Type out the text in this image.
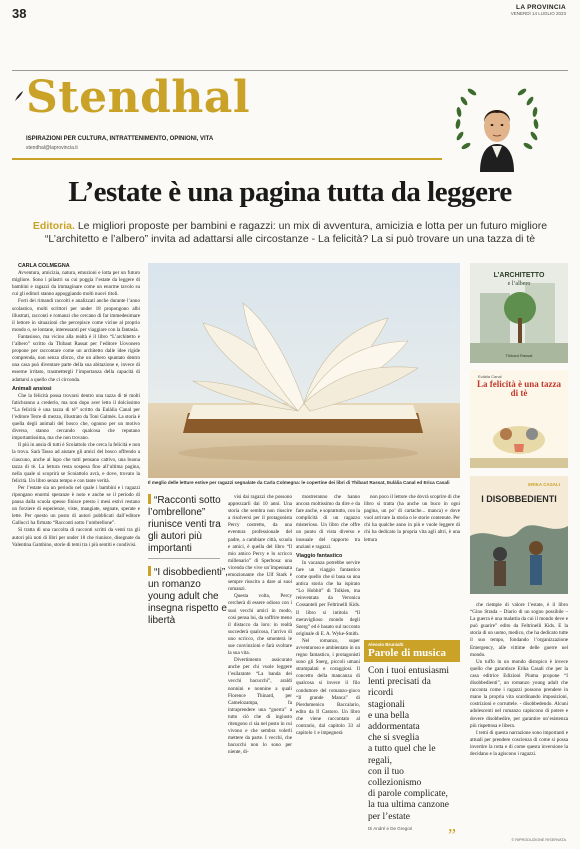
38	LA PROVINCIA
VENERDÌ 14 LUGLIO 2023
Stendhal
ISPIRAZIONI PER CULTURA, INTRATTENIMENTO, OPINIONI, VITA
stendhal@laprovincia.it
L’estate è una pagina tutta da leggere
Editoria. Le migliori proposte per bambini e ragazzi: un mix di avventura, amicizia e lotta per un futuro migliore “L’architetto e l’albero” invita ad adattarsi alle circostanze - La felicità? La si può trovare un una tazza di tè

CARLA COLMEGNA

Avventura, amicizia, natura, emozioni e lotta per un futuro migliore. Sono i pilastri su cui poggia l’estate da leggere di bambini e ragazzi da immaginare come un enorme tavolo su cui gli editori stanno appoggiando molti nuovi titoli.

Forti dei rimandi raccolti e analizzati anche durante l’anno scolastico, molti scrittori per under 18 propongono albi illustrati, racconti e romanzi che cercano di far immedesimare il lettore in situazioni che percepisce come vicine al proprio mondo o, se lontane, interessanti per viaggiare con la fantasia.

Fantasioso, ma vicino alla realtà è il libro “L’architetto e l’albero” scritto da Thibaut Rassat per l’editore Uovonero propone per raccontare come un architetto dalle idee rigide comprenda, non senza sforzo, che un albero spuntato dentro una casa può diventare parte della sua abitazione e, invece di esserne irritato, trasmettergli l’importanza della capacità di adattarsi a quello che ci circonda.

Animali ansiosi

Che la felicità possa trovarsi dentro una tazza di tè molti fatichranno a crederlo, ma non dopo aver letto il dolcissimo “La felicità è una tazza di tè” scritto da Eulàlia Canal per l’editore Terre di mezzo, illustrato da Toni Galmés. La storia è quella degli animali del bosco che, ognuno per un motivo diverso, stanno cercando qualcosa che reputano importantissima, ma che non trovano.

Il più in ansia di tutti è Scoiattolo che cerca la felicità e non la trova. Sarà Tasso ad aiutare gli amici del bosco offrendo a ciascuno, anche al lupo che tutti pensano cattivo, una buona tazza di tè. La lettura resta sospesa fino all’ultima pagina, nella quale si scoprirà se Scoiattolo avrà, e dove, trovato la felicità. Un libro senza tempo e con tante verità.

Per l’estate sia un periodo nel quale i bambini e i ragazzi ripongano enormi speranze è noto e anche se il periodo di pausa dalla scuola spesso finisce presto i mesi estivi restano un forziere di esperienze, viste, mangiate, segnate, sperate e lette. Per questo un posto di autori pubblicati dall’editore Gallucci ha firmato “Racconti sotto l’ombrellone”.

Si tratta di una raccolta di racconti scritti da venti tra gli autori più noti di libri per under 18 che riunisce, disegnate da Valentina Gambino, storie di temi tra i più sentiti e condivisi.

Il meglio delle letture estive per ragazzi segnalate da Carla Colmegna: le copertine dei libri di Thibaut Rassat, Eulàlia Canal ed Erica Casali
“Racconti sotto l’ombrellone” riunisce venti tra gli autori più importanti
“I disobbedienti”, un romanzo young adult che insegna rispetto e libertà

visi dai ragazzi che possono apprezzarli dai 10 anni. Una storia che sembra non riuscire a risolversi per il protagonista Percy costretto, da una eventura professionale del padre, a cambiare città, scuola e amici, è quella del libro “Il mio amico Percy e lo scricco millenario” di Sperbosa: una vicenda che vive un’impennata emozionante che Ulf Stark è sempre riuscito a dare ai suoi romanzi.

Questa volta, Percy cercherà di essere odioso con i suoi vecchi amici in modo, così pensa lui, da soffrire meno il distacco da loro: in realtà succederà qualcosa, l’arrivo di uno scricco, che smonterà le sue convinzioni e farà svoltare la sua vita.

Divertimento assicurato anche per chi vuole leggere l’esilarante “La banda dei vecchi bacucchi”, araldi nonnini e nonnine a quali Florence Thinard, per Camelozampa, fa intraprendere una “guerra” a tutto ciò che di ingiusto ritengono ci sia nel posto in cui vivono e che sembra volerli mettere da parte. I vecchi, che bacucchi non lo sono per niente, di-

mostreranno che hanno ancora moltissimo da dire e da fare anche, e soprattutto, con la complicità di un ragazzo misterioso. Un libro che offre un punto di vista diverso e inusuale del rapporto tra anziani e ragazzi.

Viaggio fantastico

In vacanza potrebbe servire fare un viaggio fantastico come quello che si basa su una antica storia che ha ispirato “Lo Hobbit” di Tolkien, ma reinventata da Veronica Cossanteli per Feltrinelli Kids. Il libro si intitola “Il meraviglioso mondo degli Snerg” ed è basato sul racconto originale di E. A. Wyke-Smith.

Nel romanzo, super avventuroso e ambientato in un regno fantastico, i protagonisti sono gli Snerg, piccoli umani strampalati e coraggiosi. Il concetto della mancanza di qualcosa si invece il filo conduttore del romanzo-gioco “Il grande Manca” di Pierdomenico Baccalario, edito da Il Castoro. Un libro che viene raccontato al contrario, dal capitolo 33 al capitolo 1 e impegnerà

non poco il lettore che dovrà scoprire di che libro si tratta (ha anche un buco in ogni pagina, un po’ di cartache... manca) e dove vuol arrivare la storia o le storie contenute. Per chi ha qualche anno in più e vuole leggere di chi ha dedicato la propria vita agli altri, è una lettura

Alessio Brunialti
Parole di musica
Con i tuoi entusiasmi
lenti precisati da ricordi
stagionali
e una bella
addormentata
che si sveglia
a tutto quel che le regali,
con il tuo collezionismo
di parole complicate,
la tua ultima canzone
per l’estate
Di André e De Gregori	”

che riempie di valore l’estate, è il libro “Gino Strada – Diario di un sogno possibile – La guerra è una malattia da cui il mondo deve e può guarire” edito da Feltrinelli Kids. E la storia di un uomo, medico, che ha dedicato tutte il suo tempo, fondando l’organizzazione Emergency, alle vittime delle guerre nel mondo.

Un tuffo in un mondo distopico è invece quello che garantisce Erika Casali che per la casa editrice Edizioni Piuma propone “I disobbedienti”, un romanzo young adult che racconta come i ragazzi possono prendere in mano la propria vita scardinando imposizioni, costrizioni e corruttele. - disobbedendo. Alcuni adolescenti nel romanzo capiscono di potere e dovere disobbedire, per garantire un’esistenza più rispettosa e libera.

I temi di questa narrazione sono importanti e attuali per prendere coscienza di come si possa invertire la rotta e di come questa inversione la decidano e la agiscono i ragazzi.

L’ARCHITETTO
e l’albero
Thibaut Rassat
Eulàlia Canal
La felicità è una tazza di tè
ERIKA CASALI
I DISOBBEDIENTI
© RIPRODUZIONE RISERVATA
